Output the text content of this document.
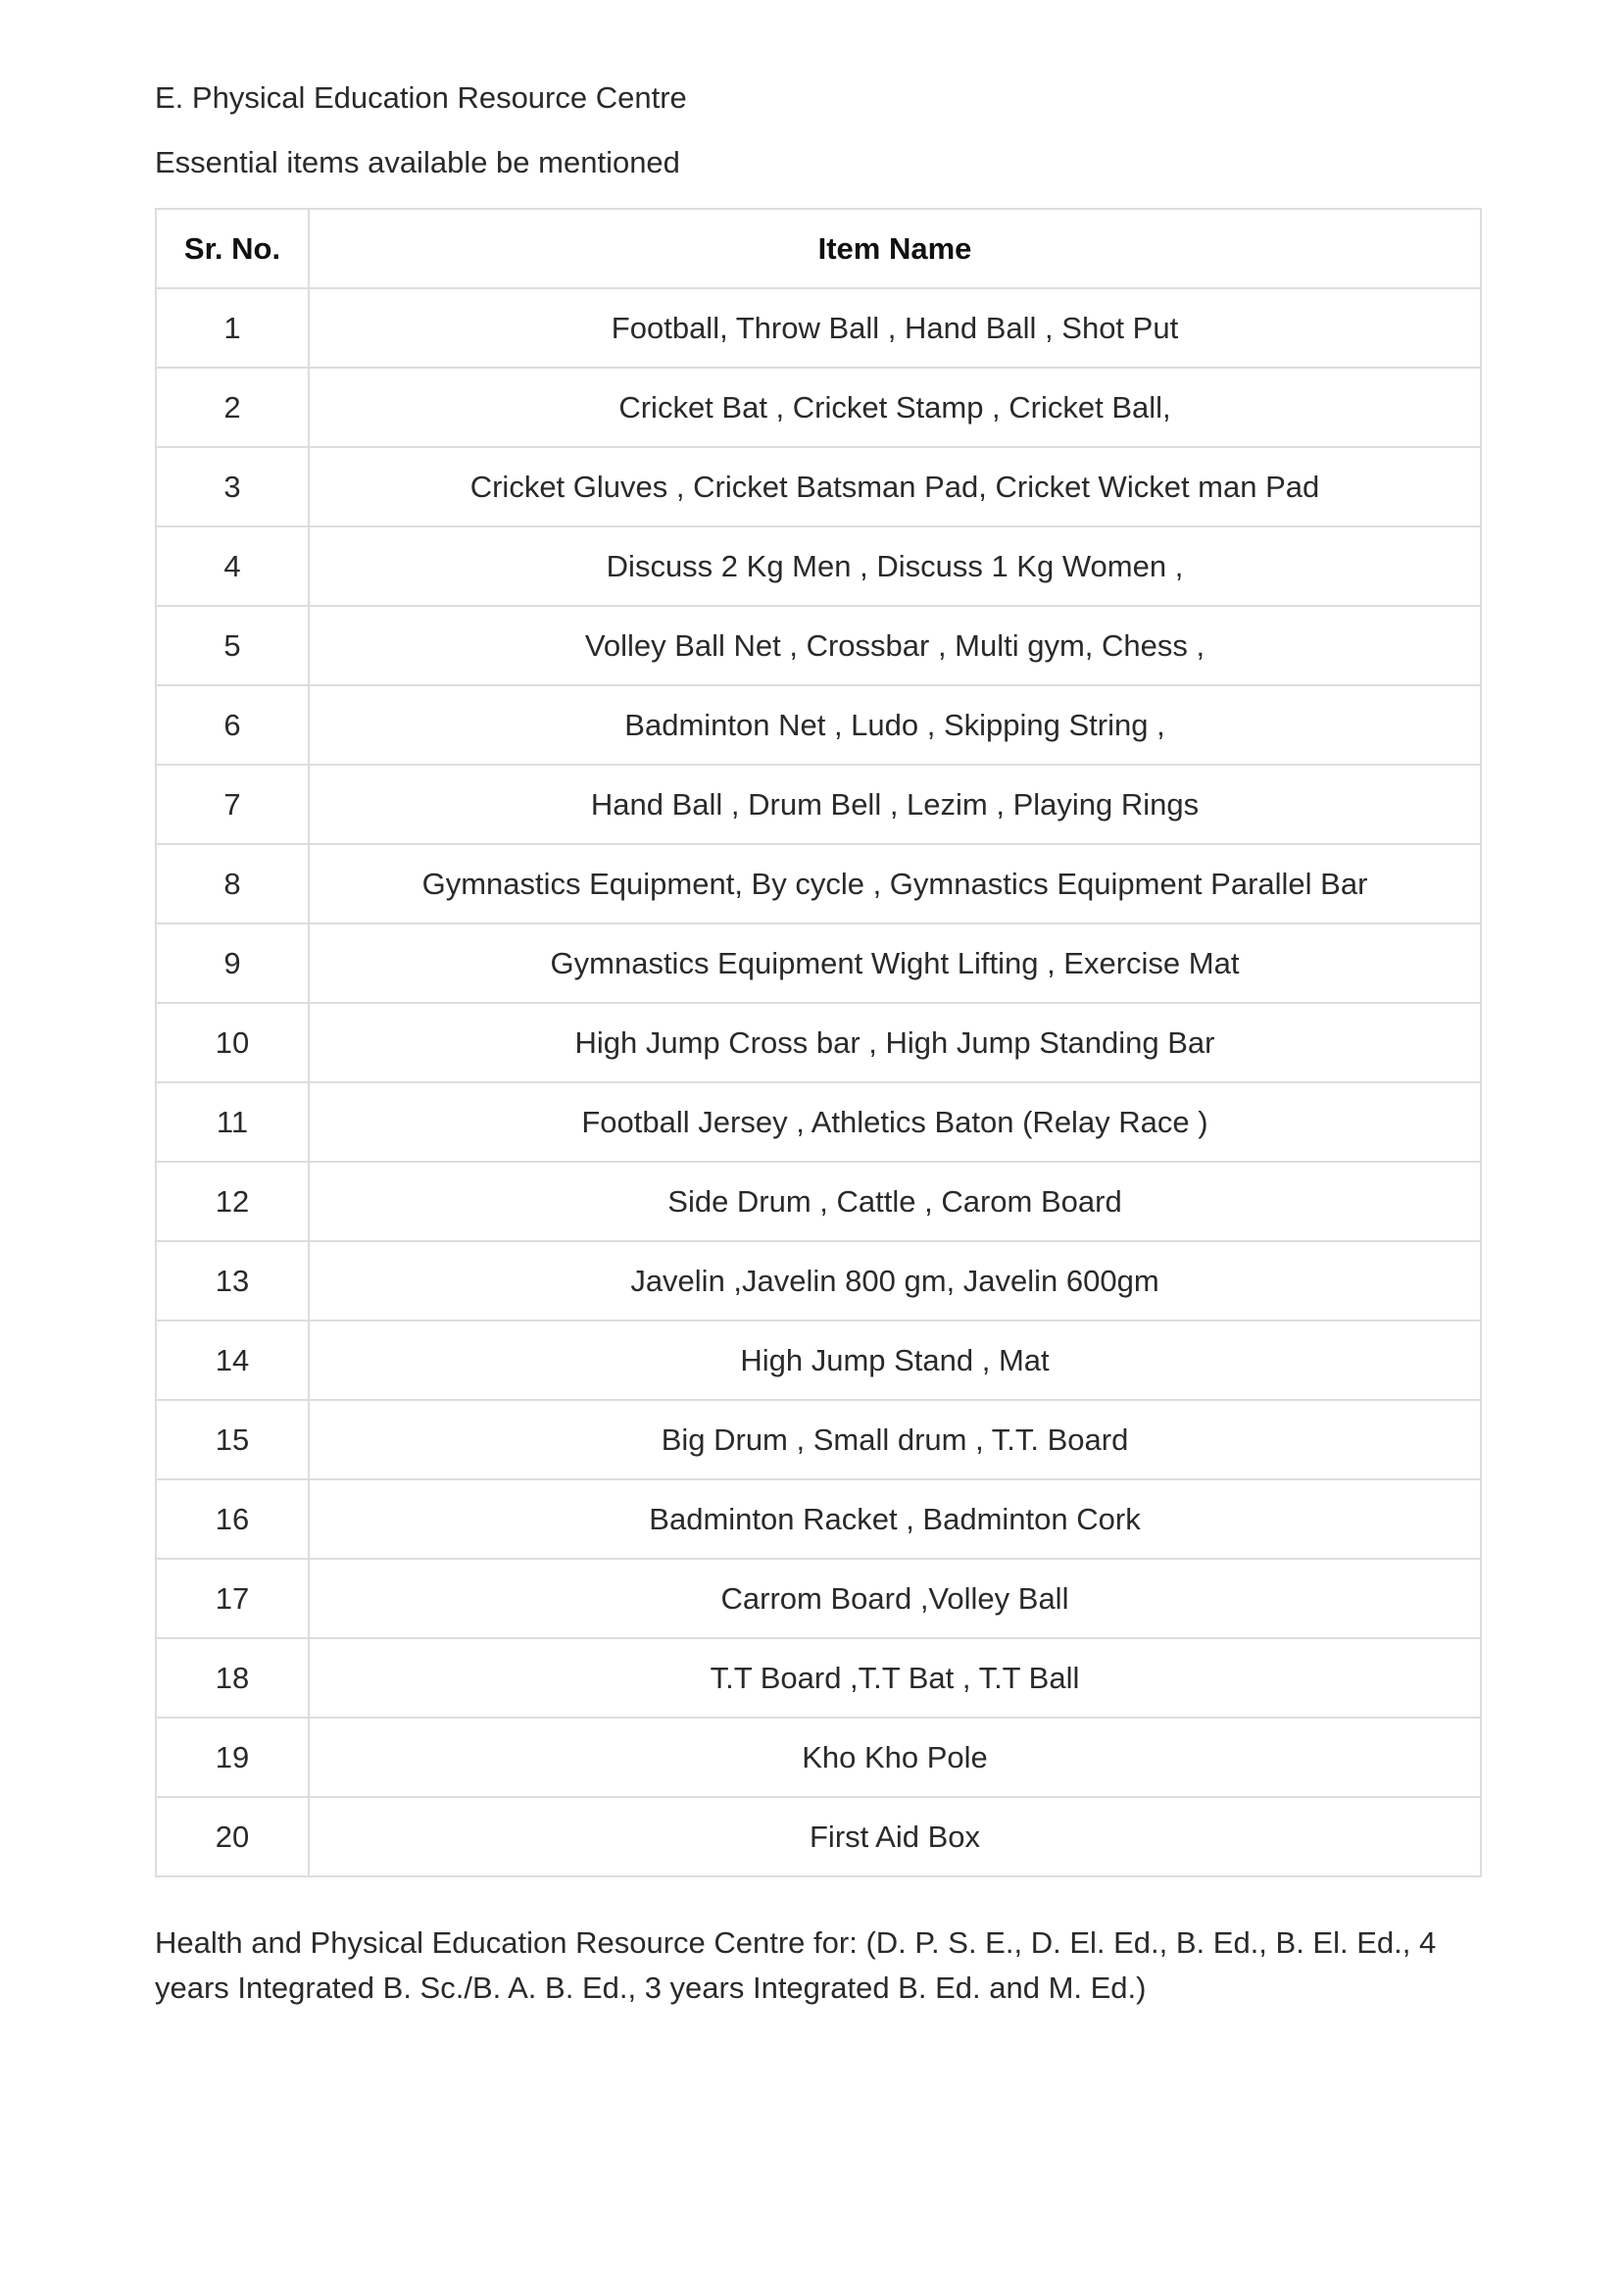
E. Physical Education Resource Centre

Essential items available be mentioned

Sr. No.	Item Name
1	Football, Throw Ball , Hand Ball , Shot Put
2	Cricket Bat , Cricket Stamp , Cricket Ball,
3	Cricket Gluves , Cricket Batsman Pad, Cricket Wicket man Pad
4	Discuss 2 Kg Men , Discuss 1 Kg Women ,
5	Volley Ball Net , Crossbar , Multi gym, Chess ,
6	Badminton Net , Ludo , Skipping String ,
7	Hand Ball , Drum Bell , Lezim , Playing Rings
8	Gymnastics Equipment, By cycle , Gymnastics Equipment Parallel Bar
9	Gymnastics Equipment Wight Lifting , Exercise Mat
10	High Jump Cross bar , High Jump Standing Bar
11	Football Jersey , Athletics Baton (Relay Race )
12	Side Drum , Cattle , Carom Board
13	Javelin ,Javelin 800 gm, Javelin 600gm
14	High Jump Stand , Mat
15	Big Drum , Small drum , T.T. Board
16	Badminton Racket , Badminton Cork
17	Carrom Board ,Volley Ball
18	T.T Board ,T.T Bat , T.T Ball
19	Kho Kho Pole
20	First Aid Box

Health and Physical Education Resource Centre for: (D. P. S. E., D. El. Ed., B. Ed., B. El. Ed., 4 years Integrated B. Sc./B. A. B. Ed., 3 years Integrated B. Ed. and M. Ed.)
